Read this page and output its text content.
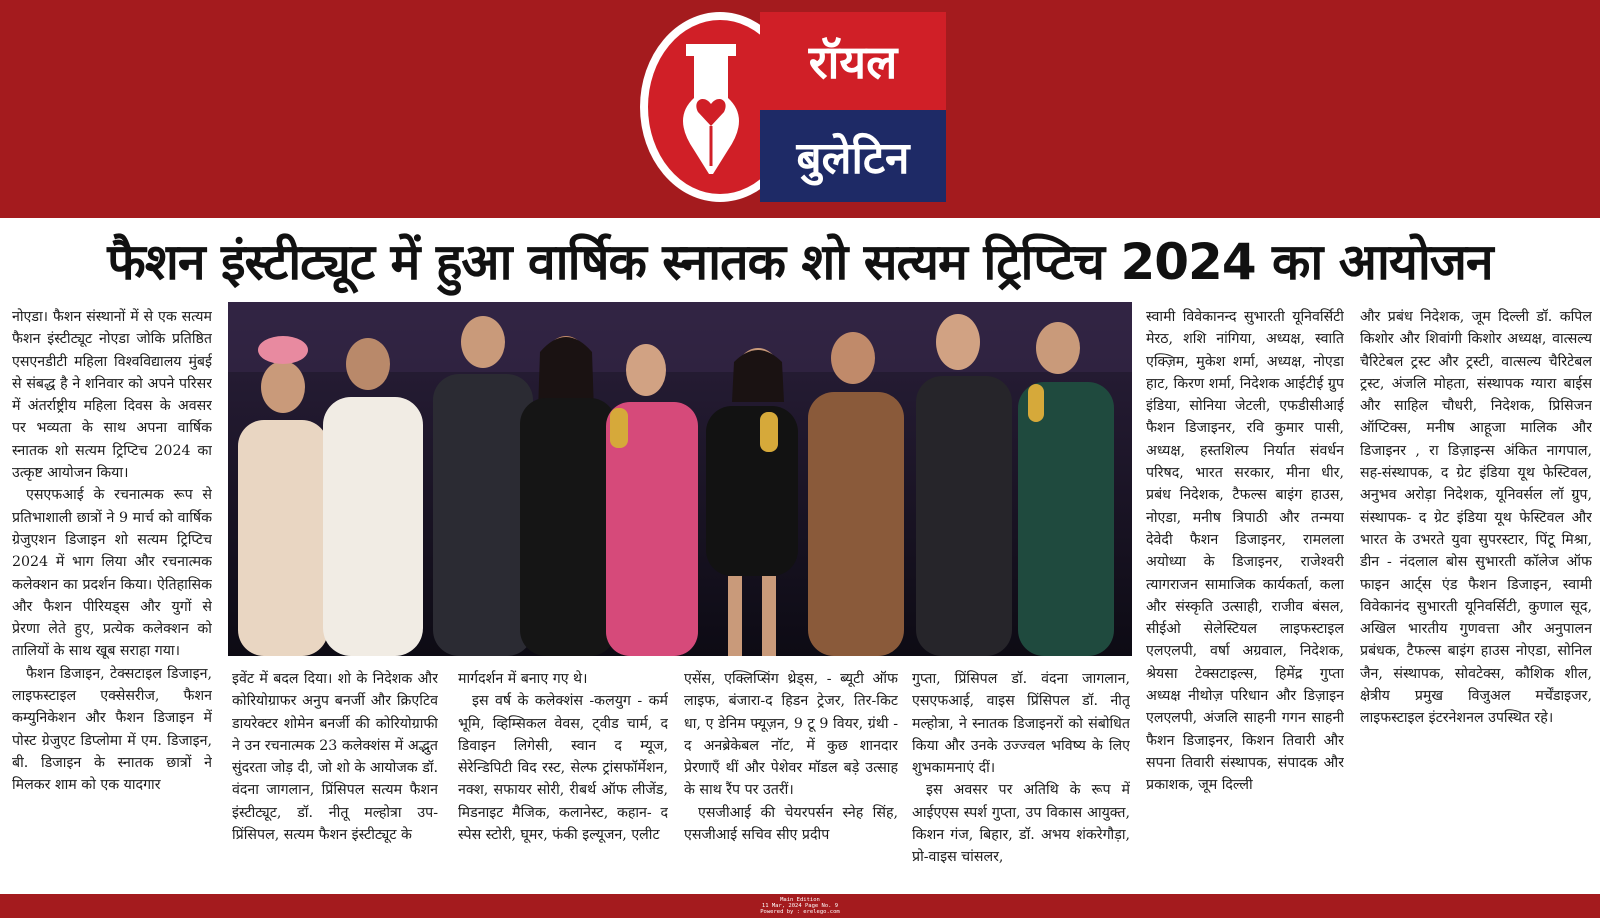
रॉयल
बुलेटिन
फैशन इंस्टीट्यूट में हुआ वार्षिक स्नातक शो सत्यम ट्रिप्टिच 2024 का आयोजन

नोएडा। फैशन संस्थानों में से एक सत्यम फैशन इंस्टीट्यूट नोएडा जोकि प्रतिष्ठित एसएनडीटी महिला विश्वविद्यालय मुंबई से संबद्ध है ने शनिवार को अपने परिसर में अंतर्राष्ट्रीय महिला दिवस के अवसर पर भव्यता के साथ अपना वार्षिक स्नातक शो सत्यम ट्रिप्टिच 2024 का उत्कृष्ट आयोजन किया।

एसएफआई के रचनात्मक रूप से प्रतिभाशाली छात्रों ने 9 मार्च को वार्षिक ग्रेजुएशन डिजाइन शो सत्यम ट्रिप्टिच 2024 में भाग लिया और रचनात्मक कलेक्शन का प्रदर्शन किया। ऐतिहासिक और फैशन पीरियड्स और युगों से प्रेरणा लेते हुए, प्रत्येक कलेक्शन को तालियों के साथ खूब सराहा गया।

फैशन डिजाइन, टेक्सटाइल डिजाइन, लाइफस्टाइल एक्सेसरीज, फैशन कम्युनिकेशन और फैशन डिजाइन में पोस्ट ग्रेजुएट डिप्लोमा में एम. डिजाइन, बी. डिजाइन के स्नातक छात्रों ने मिलकर शाम को एक यादगार

इवेंट में बदल दिया। शो के निदेशक और कोरियोग्राफर अनुप बनर्जी और क्रिएटिव डायरेक्टर शोमेन बनर्जी की कोरियोग्राफी ने उन रचनात्मक 23 कलेक्शंस में अद्भुत सुंदरता जोड़ दी, जो शो के आयोजक डॉ. वंदना जागलान, प्रिंसिपल सत्यम फैशन इंस्टीट्यूट, डॉ. नीतू मल्होत्रा उप-प्रिंसिपल, सत्यम फैशन इंस्टीट्यूट के

मार्गदर्शन में बनाए गए थे।

इस वर्ष के कलेक्शंस -कलयुग - कर्म भूमि, व्हिम्सिकल वेवस, ट्वीड चार्म, द डिवाइन लिगेसी, स्वान द म्यूज, सेरेन्डिपिटी विद रस्ट, सेल्फ ट्रांसफॉर्मेशन, नक्श, सफायर सोरी, रीबर्थ ऑफ लीजेंड, मिडनाइट मैजिक, कलानेस्ट, कहान- द स्पेस स्टोरी, घूमर, फंकी इल्यूजन, एलीट

एसेंस, एक्लिप्सिंग थ्रेड्स, - ब्यूटी ऑफ लाइफ, बंजारा-द हिडन ट्रेजर, तिर-किट धा, ए डेनिम फ्यूज़न, 9 टू 9 वियर, ग्रंथी - द अनब्रेकेबल नॉट, में कुछ शानदार प्रेरणाएँ थीं और पेशेवर मॉडल बड़े उत्साह के साथ रैंप पर उतरीं।

एसजीआई की चेयरपर्सन स्नेह सिंह, एसजीआई सचिव सीए प्रदीप

गुप्ता, प्रिंसिपल डॉ. वंदना जागलान, एसएफआई, वाइस प्रिंसिपल डॉ. नीतू मल्होत्रा, ने स्नातक डिजाइनरों को संबोधित किया और उनके उज्ज्वल भविष्य के लिए शुभकामनाएं दीं।

इस अवसर पर अतिथि के रूप में आईएएस स्पर्श गुप्ता, उप विकास आयुक्त, किशन गंज, बिहार, डॉ. अभय शंकरेगौड़ा, प्रो-वाइस चांसलर,

स्वामी विवेकानन्द सुभारती यूनिवर्सिटी मेरठ, शशि नांगिया, अध्यक्ष, स्वाति एक्ज़िम, मुकेश शर्मा, अध्यक्ष, नोएडा हाट, किरण शर्मा, निदेशक आईटीई ग्रुप इंडिया, सोनिया जेटली, एफडीसीआई फैशन डिजाइनर, रवि कुमार पासी, अध्यक्ष, हस्तशिल्प निर्यात संवर्धन परिषद, भारत सरकार, मीना धीर, प्रबंध निदेशक, टैफल्स बाइंग हाउस, नोएडा, मनीष त्रिपाठी और तन्मया देवेदी फैशन डिजाइनर, रामलला अयोध्या के डिजाइनर, राजेश्वरी त्यागराजन सामाजिक कार्यकर्ता, कला और संस्कृति उत्साही, राजीव बंसल, सीईओ सेलेस्टियल लाइफस्टाइल एलएलपी, वर्षा अग्रवाल, निदेशक, श्रेयसा टेक्सटाइल्स, हिमेंद्र गुप्ता अध्यक्ष नीथोज़ परिधान और डिज़ाइन एलएलपी, अंजलि साहनी गगन साहनी फैशन डिजाइनर, किशन तिवारी और सपना तिवारी संस्थापक, संपादक और प्रकाशक, जूम दिल्ली

और प्रबंध निदेशक, जूम दिल्ली डॉ. कपिल किशोर और शिवांगी किशोर अध्यक्ष, वात्सल्य चैरिटेबल ट्रस्ट और ट्रस्टी, वात्सल्य चैरिटेबल ट्रस्ट, अंजलि मोहता, संस्थापक ग्यारा बाईस और साहिल चौधरी, निदेशक, प्रिसिजन ऑप्टिक्स, मनीष आहूजा मालिक और डिजाइनर , रा डिज़ाइन्स अंकित नागपाल, सह-संस्थापक, द ग्रेट इंडिया यूथ फेस्टिवल, अनुभव अरोड़ा निदेशक, यूनिवर्सल लॉ ग्रुप, संस्थापक- द ग्रेट इंडिया यूथ फेस्टिवल और भारत के उभरते युवा सुपरस्टार, पिंटू मिश्रा, डीन - नंदलाल बोस सुभारती कॉलेज ऑफ फाइन आर्ट्स एंड फैशन डिजाइन, स्वामी विवेकानंद सुभारती यूनिवर्सिटी, कुणाल सूद, अखिल भारतीय गुणवत्ता और अनुपालन प्रबंधक, टैफल्स बाइंग हाउस नोएडा, सोनिल जैन, संस्थापक, सोवटेक्स, कौशिक शील, क्षेत्रीय प्रमुख विजुअल मर्चेंडाइजर, लाइफस्टाइल इंटरनेशनल उपस्थित रहे।

Main Edition
11 Mar, 2024 Page No. 9
Powered by : erelego.com
